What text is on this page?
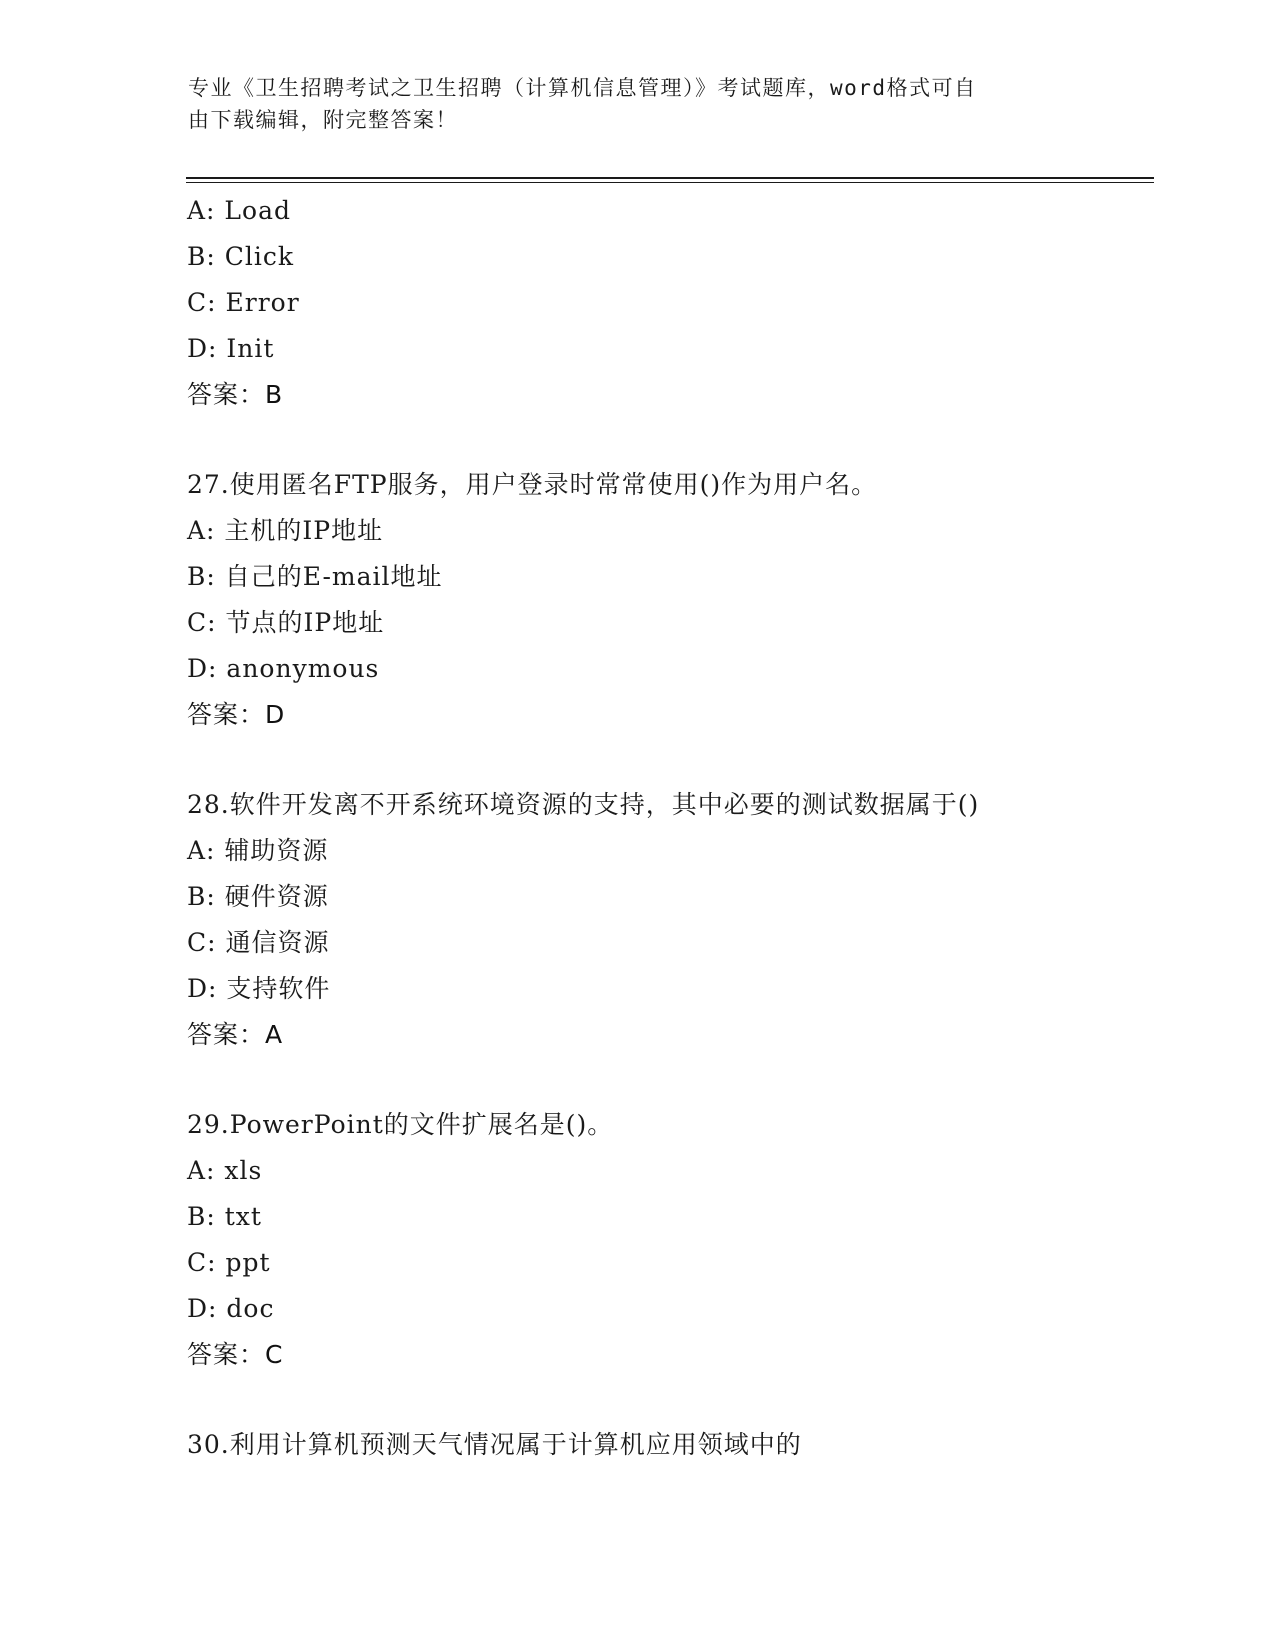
专业《卫生招聘考试之卫生招聘（计算机信息管理）》考试题库，word格式可自
由下载编辑，附完整答案！
A: Load
B: Click
C: Error
D: Init
答案：B
27.使用匿名FTP服务，用户登录时常常使用()作为用户名。
A: 主机的IP地址
B: 自己的E-mail地址
C: 节点的IP地址
D: anonymous
答案：D
28.软件开发离不开系统环境资源的支持，其中必要的测试数据属于()
A: 辅助资源
B: 硬件资源
C: 通信资源
D: 支持软件
答案：A
29.PowerPoint的文件扩展名是()。
A: xls
B: txt
C: ppt
D: doc
答案：C
30.利用计算机预测天气情况属于计算机应用领域中的
